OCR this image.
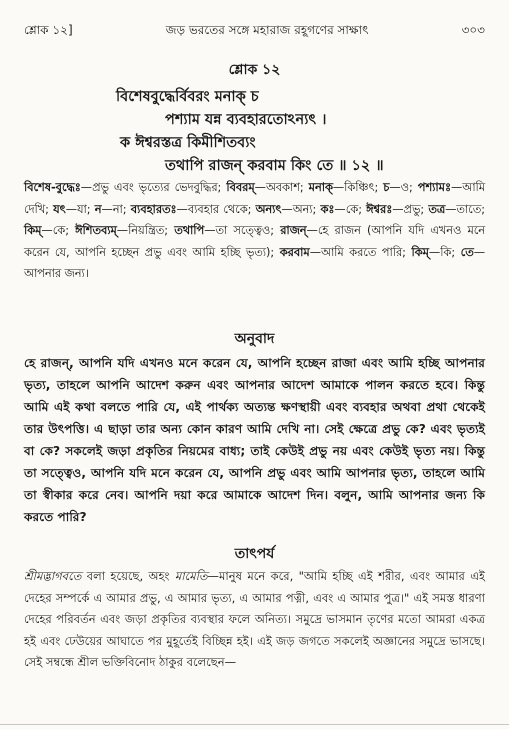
শ্লোক ১২]	জড় ভরতের সঙ্গে মহারাজ রহূগণের সাক্ষাৎ	৩০৩
শ্লোক ১২
বিশেষবুদ্ধের্বিবরং মনাক্ চ
পশ্যাম যন্ন ব্যবহারতোঽন্যৎ ।
ক ঈশ্বরস্তত্র কিমীশিতব্যং
তথাপি রাজন্ করবাম কিং তে ॥ ১২ ॥
বিশেষ-বুদ্ধেঃ—প্রভু এবং ভৃত্যের ভেদবুদ্ধির; বিবরম্—অবকাশ; মনাক্—কিঞ্চিৎ; চ—ও; পশ্যামঃ—আমি দেখি; যৎ—যা; ন—না; ব্যবহারতঃ—ব্যবহার থেকে; অন্যৎ—অন্য; কঃ—কে; ঈশ্বরঃ—প্রভু; তত্র—তাতে; কিম্—কে; ঈশিতব্যম্—নিয়ন্ত্রিত; তথাপি—তা সত্ত্বেও; রাজন্—হে রাজন (আপনি যদি এখনও মনে করেন যে, আপনি হচ্ছেন প্রভু এবং আমি হচ্ছি ভৃত্য); করবাম—আমি করতে পারি; কিম্—কি; তে—আপনার জন্য।
অনুবাদ
হে রাজন্, আপনি যদি এখনও মনে করেন যে, আপনি হচ্ছেন রাজা এবং আমি হচ্ছি আপনার ভৃত্য, তাহলে আপনি আদেশ করুন এবং আপনার আদেশ আমাকে পালন করতে হবে। কিন্তু আমি এই কথা বলতে পারি যে, এই পার্থক্য অত্যন্ত ক্ষণস্থায়ী এবং ব্যবহার অথবা প্রথা থেকেই তার উৎপত্তি। এ ছাড়া তার অন্য কোন কারণ আমি দেখি না। সেই ক্ষেত্রে প্রভু কে? এবং ভৃত্যই বা কে? সকলেই জড়া প্রকৃতির নিয়মের বাধ্য; তাই কেউই প্রভু নয় এবং কেউই ভৃত্য নয়। কিন্তু তা সত্ত্বেও, আপনি যদি মনে করেন যে, আপনি প্রভু এবং আমি আপনার ভৃত্য, তাহলে আমি তা স্বীকার করে নেব। আপনি দয়া করে আমাকে আদেশ দিন। বলুন, আমি আপনার জন্য কি করতে পারি?
তাৎপর্য
শ্রীমদ্ভাগবতে বলা হয়েছে, অহং মামেতি—মানুষ মনে করে, "আমি হচ্ছি এই শরীর, এবং আমার এই দেহের সম্পর্কে এ আমার প্রভু, এ আমার ভৃত্য, এ আমার পত্নী, এবং এ আমার পুত্র।" এই সমস্ত ধারণা দেহের পরিবর্তন এবং জড়া প্রকৃতির ব্যবস্থার ফলে অনিত্য। সমুদ্রে ভাসমান তৃণের মতো আমরা একত্র হই এবং ঢেউয়ের আঘাতে পর মুহূর্তেই বিচ্ছিন্ন হই। এই জড় জগতে সকলেই অজ্ঞানের সমুদ্রে ভাসছে। সেই সম্বন্ধে শ্রীল ভক্তিবিনোদ ঠাকুর বলেছেন—
